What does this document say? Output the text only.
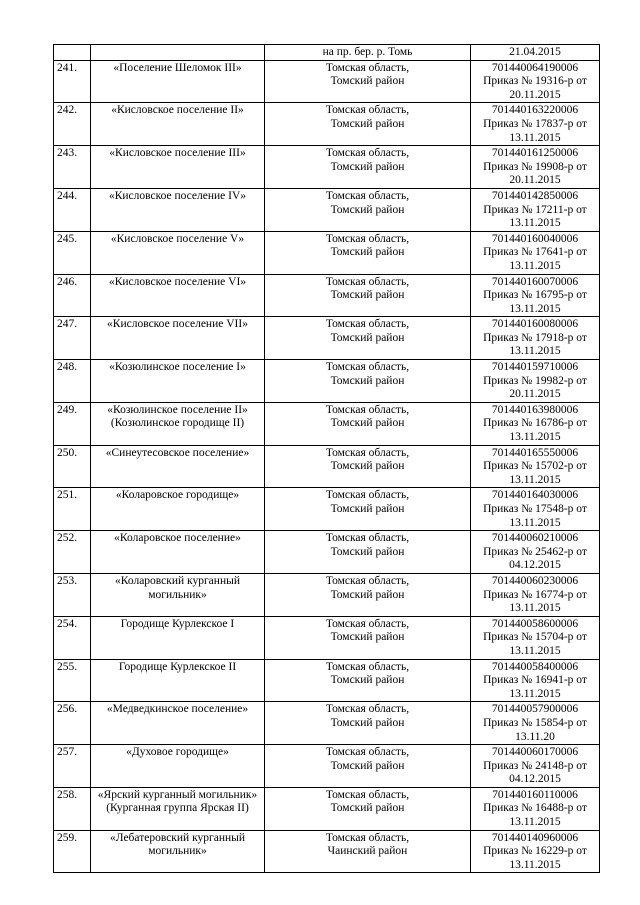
		на пр. бер. р. Томь	21.04.2015
241.	«Поселение Шеломок III»	Томская область,
Томский район	701440064190006
Приказ № 19316-р от
20.11.2015

242.	«Кисловское поселение II»	Томская область,
Томский район	701440163220006
Приказ № 17837-р от
13.11.2015

243.	«Кисловское поселение III»	Томская область,
Томский район	701440161250006
Приказ № 19908-р от
20.11.2015

244.	«Кисловское поселение IV»	Томская область,
Томский район	701440142850006
Приказ № 17211-р от
13.11.2015

245.	«Кисловское поселение V»	Томская область,
Томский район	701440160040006
Приказ № 17641-р от
13.11.2015

246.	«Кисловское поселение VI»	Томская область,
Томский район	701440160070006
Приказ № 16795-р от
13.11.2015

247.	«Кисловское поселение VII»	Томская область,
Томский район	701440160080006
Приказ № 17918-р от
13.11.2015

248.	«Козюлинское поселение I»	Томская область,
Томский район	701440159710006
Приказ № 19982-р от
20.11.2015

249.	«Козюлинское поселение II»
(Козюлинское городище II)	Томская область,
Томский район	701440163980006
Приказ № 16786-р от
13.11.2015

250.	«Синеутесовское поселение»	Томская область,
Томский район	701440165550006
Приказ № 15702-р от
13.11.2015

251.	«Коларовское городище»	Томская область,
Томский район	701440164030006
Приказ № 17548-р от
13.11.2015

252.	«Коларовское поселение»	Томская область,
Томский район	701440060210006
Приказ № 25462-р от
04.12.2015

253.	«Коларовский курганный
могильник»	Томская область,
Томский район	701440060230006
Приказ № 16774-р от
13.11.2015

254.	Городище Курлекское I	Томская область,
Томский район	701440058600006
Приказ № 15704-р от
13.11.2015

255.	Городище Курлекское II	Томская область,
Томский район	701440058400006
Приказ № 16941-р от
13.11.2015

256.	«Медведкинское поселение»	Томская область,
Томский район	701440057900006
Приказ № 15854-р от
13.11.20

257.	«Духовое городище»	Томская область,
Томский район	701440060170006
Приказ № 24148-р от
04.12.2015

258.	«Ярский курганный могильник»
(Курганная группа Ярская II)	Томская область,
Томский район	701440160110006
Приказ № 16488-р от
13.11.2015

259.	«Лебатеровский курганный
могильник»	Томская область,
Чаинский район	701440140960006
Приказ № 16229-р от
13.11.2015
